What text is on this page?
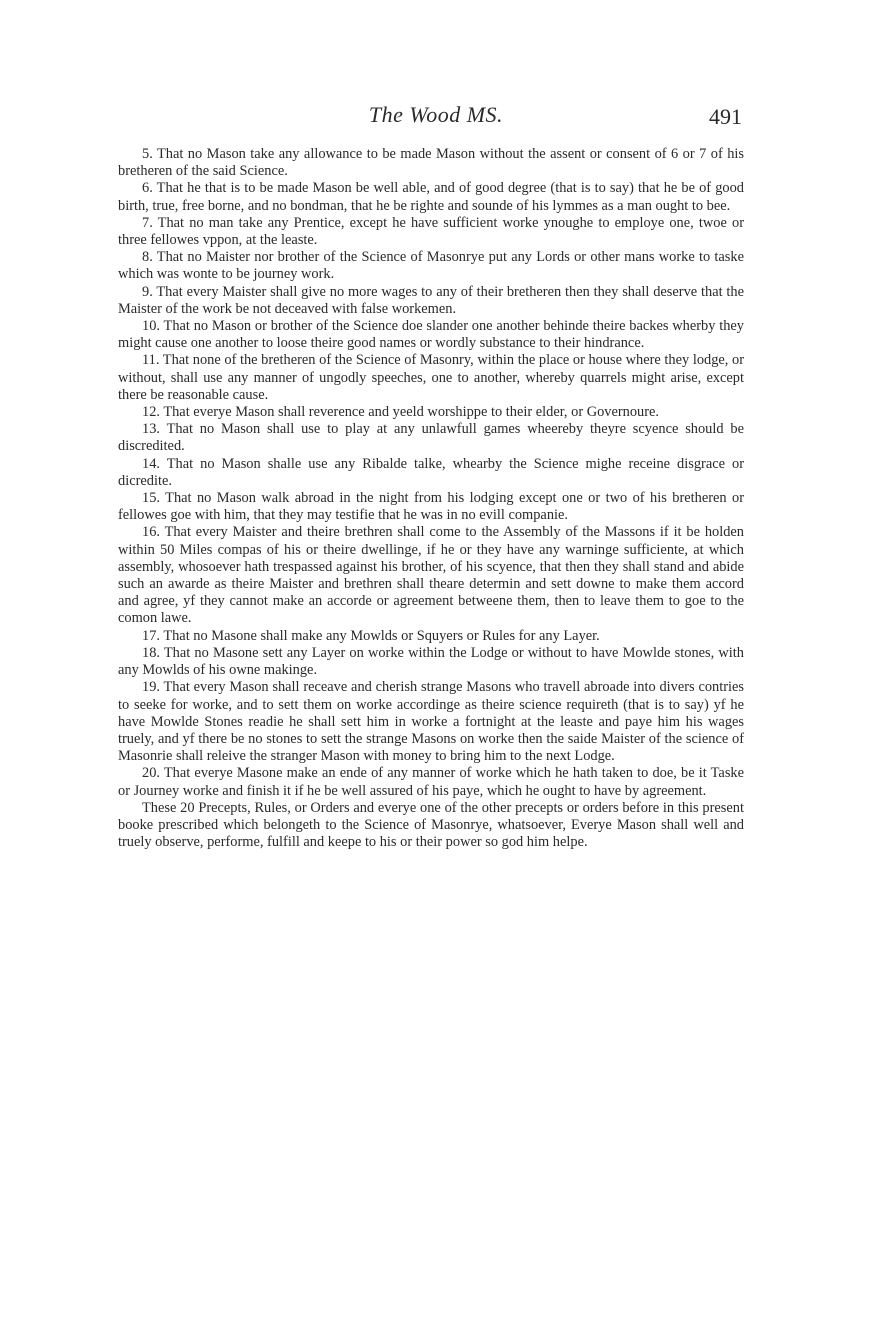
The Wood MS.	491

5. That no Mason take any allowance to be made Mason without the assent or consent of 6 or 7 of his bretheren of the said Science.

6. That he that is to be made Mason be well able, and of good degree (that is to say) that he be of good birth, true, free borne, and no bondman, that he be righte and sounde of his lymmes as a man ought to bee.

7. That no man take any Prentice, except he have sufficient worke ynoughe to employe one, twoe or three fellowes vppon, at the leaste.

8. That no Maister nor brother of the Science of Masonrye put any Lords or other mans worke to taske which was wonte to be journey work.

9. That every Maister shall give no more wages to any of their bretheren then they shall deserve that the Maister of the work be not deceaved with false workemen.

10. That no Mason or brother of the Science doe slander one another behinde theire backes wherby they might cause one another to loose theire good names or wordly substance to their hindrance.

11. That none of the bretheren of the Science of Masonry, within the place or house where they lodge, or without, shall use any manner of ungodly speeches, one to another, whereby quarrels might arise, except there be reasonable cause.

12. That everye Mason shall reverence and yeeld worshippe to their elder, or Governoure.

13. That no Mason shall use to play at any unlawfull games wheereby theyre scyence should be discredited.

14. That no Mason shalle use any Ribalde talke, whearby the Science mighe receine disgrace or dicredite.

15. That no Mason walk abroad in the night from his lodging except one or two of his bretheren or fellowes goe with him, that they may testifie that he was in no evill companie.

16. That every Maister and theire brethren shall come to the Assembly of the Massons if it be holden within 50 Miles compas of his or theire dwellinge, if he or they have any warninge sufficiente, at which assembly, whosoever hath trespassed against his brother, of his scyence, that then they shall stand and abide such an awarde as theire Maister and brethren shall theare determin and sett downe to make them accord and agree, yf they cannot make an accorde or agreement betweene them, then to leave them to goe to the comon lawe.

17. That no Masone shall make any Mowlds or Squyers or Rules for any Layer.

18. That no Masone sett any Layer on worke within the Lodge or without to have Mowlde stones, with any Mowlds of his owne makinge.

19. That every Mason shall receave and cherish strange Masons who travell abroade into divers contries to seeke for worke, and to sett them on worke accordinge as theire science requireth (that is to say) yf he have Mowlde Stones readie he shall sett him in worke a fortnight at the leaste and paye him his wages truely, and yf there be no stones to sett the strange Masons on worke then the saide Maister of the science of Masonrie shall releive the stranger Mason with money to bring him to the next Lodge.

20. That everye Masone make an ende of any manner of worke which he hath taken to doe, be it Taske or Journey worke and finish it if he be well assured of his paye, which he ought to have by agreement.

These 20 Precepts, Rules, or Orders and everye one of the other precepts or orders before in this present booke prescribed which belongeth to the Science of Masonrye, whatsoever, Everye Mason shall well and truely observe, performe, fulfill and keepe to his or their power so god him helpe.
